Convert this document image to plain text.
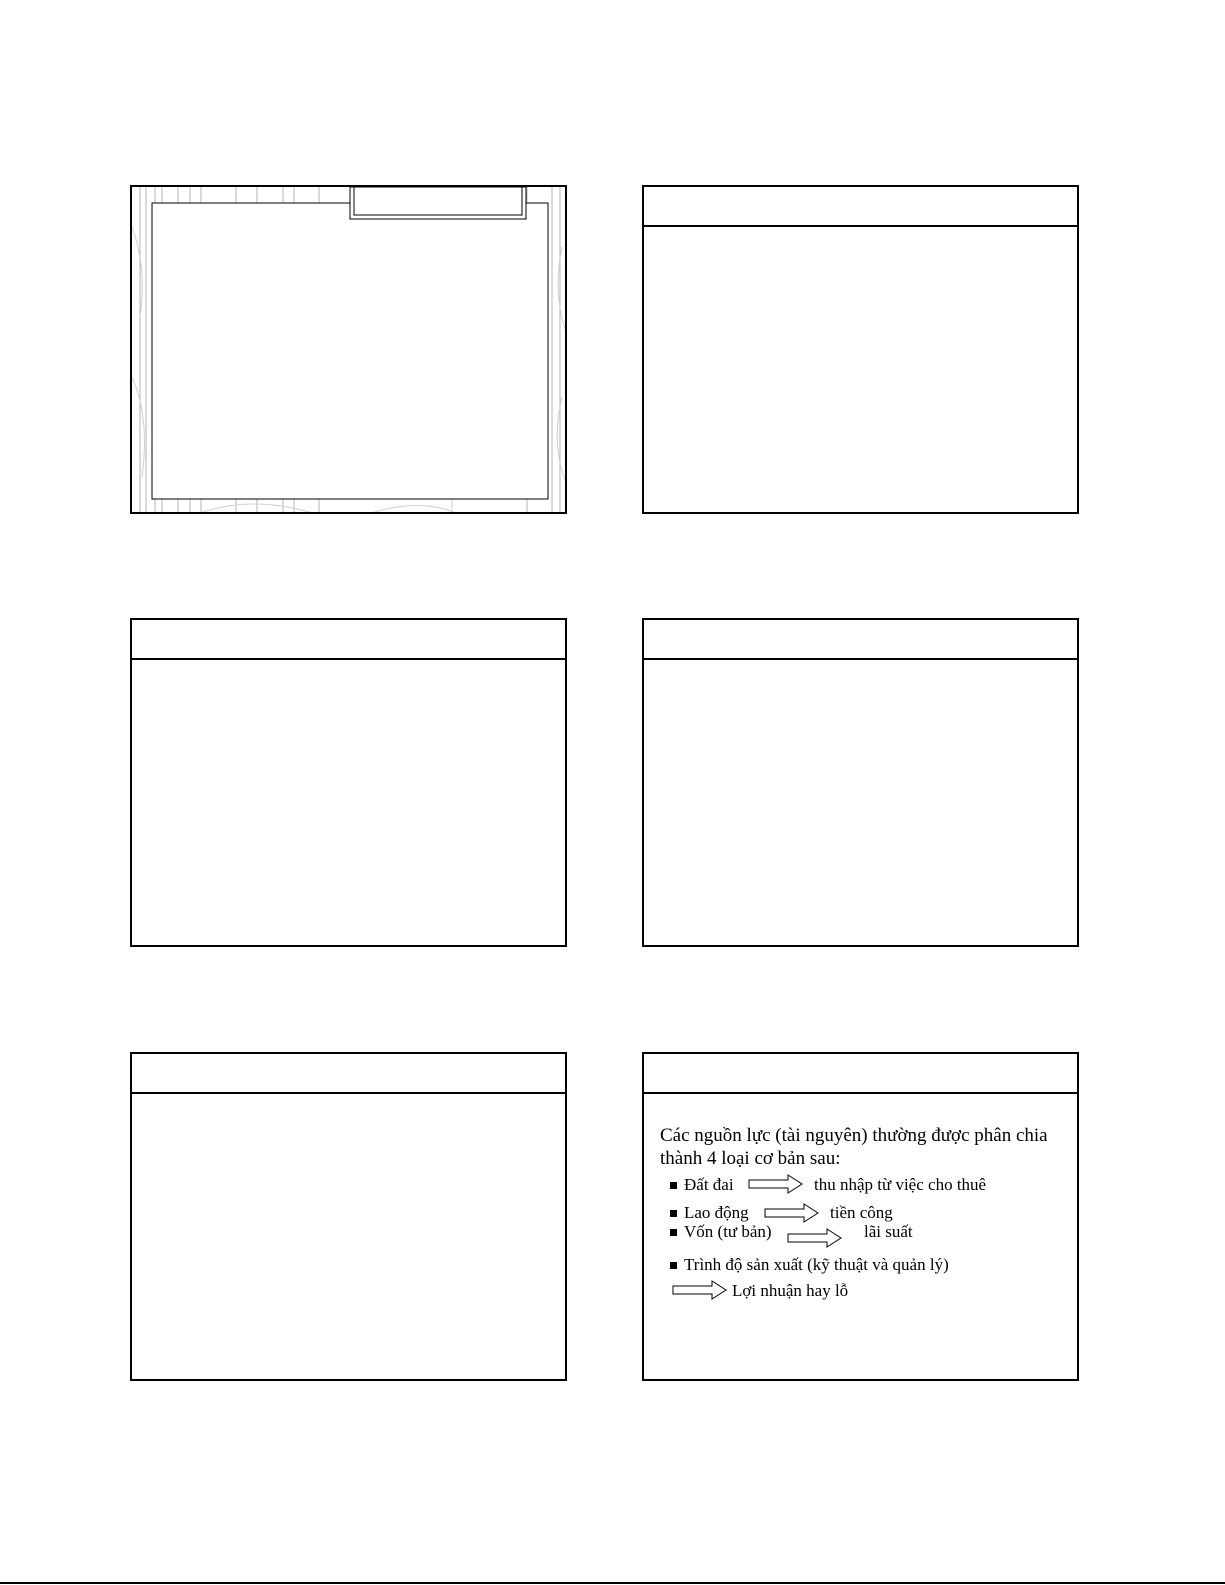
Các nguồn lực (tài nguyên) thường được phân chia
thành 4 loại cơ bản sau:
Đất đai	thu nhập từ việc cho thuê
Lao động	tiền công
Vốn (tư bản)	lãi suất
Trình độ sản xuất (kỹ thuật và quản lý)
Lợi nhuận hay lỗ
